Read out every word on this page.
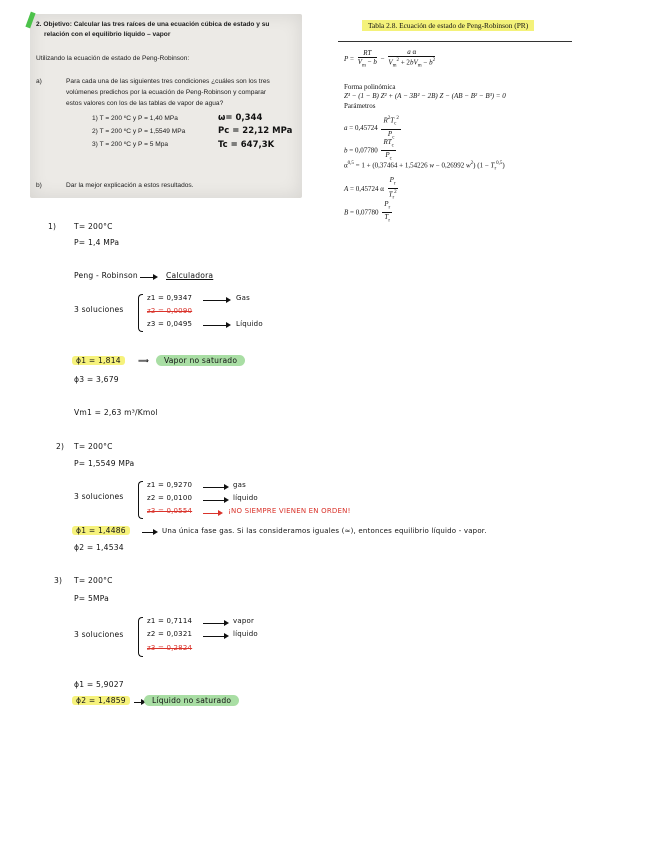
2. Objetivo: Calcular las tres raíces de una ecuación cúbica de estado y su
relación con el equilibrio líquido – vapor
Utilizando la ecuación de estado de Peng-Robinson:
a)	Para cada una de las siguientes tres condiciones ¿cuáles son los tres
volúmenes predichos por la ecuación de Peng-Robinson y comparar
estos valores con los de las tablas de vapor de agua?
1) T = 200 ºC y P = 1,40 MPa
2) T = 200 ºC y P = 1,5549 MPa
3) T = 200 ºC y P = 5 Mpa
ω= 0,344
Pc = 22,12 MPa
Tc = 647,3K
b)	Dar la mejor explicación a estos resultados.
Tabla 2.8. Ecuación de estado de Peng-Robinson (PR)
$P = \frac{RT}{V_m - b} - \frac{\text{a α}}{V_m^2 + 2bV_m - b^2}$
Forma polinómica
Z³ − (1 − B) Z² + (A − 3B² − 2B) Z − (AB − B² − B³) = 0
Parámetros
$a = 0,45724 \frac{R^2T_c^2}{P_c}$
$b = 0,07780 \frac{RT_c}{P_c}$
$\alpha^{0,5} = 1 + (0,37464 + 1,54226$ w − 0,26992 $w^2$) $(1 - T_r^{0,5})$
A = 0,45724 α $\frac{P_r}{T_r^2}$
$B = 0,07780 \frac{P_r}{T_r}$
1) T= 200°C
P= 1,4 MPa
Peng - Robinson	Calculadora
3 soluciones
z1 = 0,9347	Gas
z2 = 0,0090
z3 = 0,0495	Líquido
ϕ1 = 1,814	⟹	Vapor no saturado
ϕ3 = 3,679
Vm1 = 2,63 m³/Kmol
2) T= 200°C
P= 1,5549 MPa
3 soluciones
z1 = 0,9270	gas
z2 = 0,0100	líquido
z3 = 0,0554	¡NO SIEMPRE VIENEN EN ORDEN!
ϕ1 = 1,4486	Una única fase gas. Si las consideramos iguales (≈), entonces equilibrio líquido - vapor.
ϕ2 = 1,4534
3) T= 200°C
P= 5MPa
3 soluciones
z1 = 0,7114	vapor
z2 = 0,0321	líquido
z3 = 0,2824
ϕ1 = 5,9027
ϕ2 = 1,4859	Líquido no saturado
